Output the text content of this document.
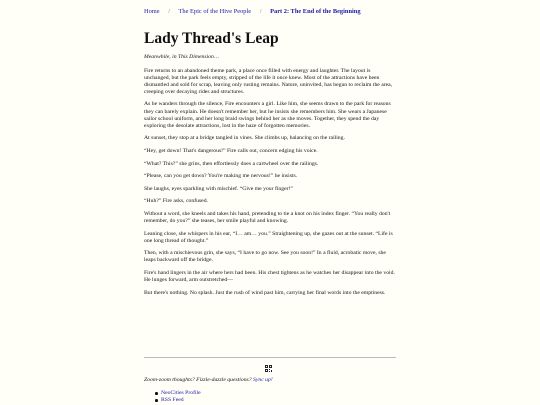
Home / The Epic of the Hive People / Part 2: The End of the Beginning
Lady Thread's Leap

Meanwhile, in This Dimension…

Fire returns to an abandoned theme park, a place once filled with energy and laughter. The layout is unchanged, but the park feels empty, stripped of the life it once knew. Most of the attractions have been dismantled and sold for scrap, leaving only rusting remains. Nature, uninvited, has begun to reclaim the area, creeping over decaying rides and structures.

As he wanders through the silence, Fire encounters a girl. Like him, she seems drawn to the park for reasons they can barely explain. He doesn't remember her, but he insists she remembers him. She wears a Japanese sailor school uniform, and her long braid swings behind her as she moves. Together, they spend the day exploring the desolate attractions, lost in the haze of forgotten memories.

At sunset, they stop at a bridge tangled in vines. She climbs up, balancing on the railing.

“Hey, get down! That's dangerous!” Fire calls out, concern edging his voice.

“What? This?” she grins, then effortlessly does a cartwheel over the railings.

“Please, can you get down? You're making me nervous!” he insists.

She laughs, eyes sparkling with mischief. “Give me your finger!”

“Huh?” Fire asks, confused.

Without a word, she kneels and takes his hand, pretending to tie a knot on his index finger. “You really don't remember, do you?” she teases, her smile playful and knowing.

Leaning close, she whispers in his ear, “I… am… you.” Straightening up, she gazes out at the sunset. “Life is one long thread of thought.”

Then, with a mischievous grin, she says, “I have to go now. See you soon!” In a fluid, acrobatic move, she leaps backward off the bridge.

Fire's hand lingers in the air where hers had been. His chest tightens as he watches her disappear into the void. He lunges forward, arm outstretched—

But there's nothing. No splash. Just the rush of wind past him, carrying her final words into the emptiness.

Zoom-zoom thoughts? Fizzle-dazzle questions? Sync up!
NeoCities Profile
RSS Feed
